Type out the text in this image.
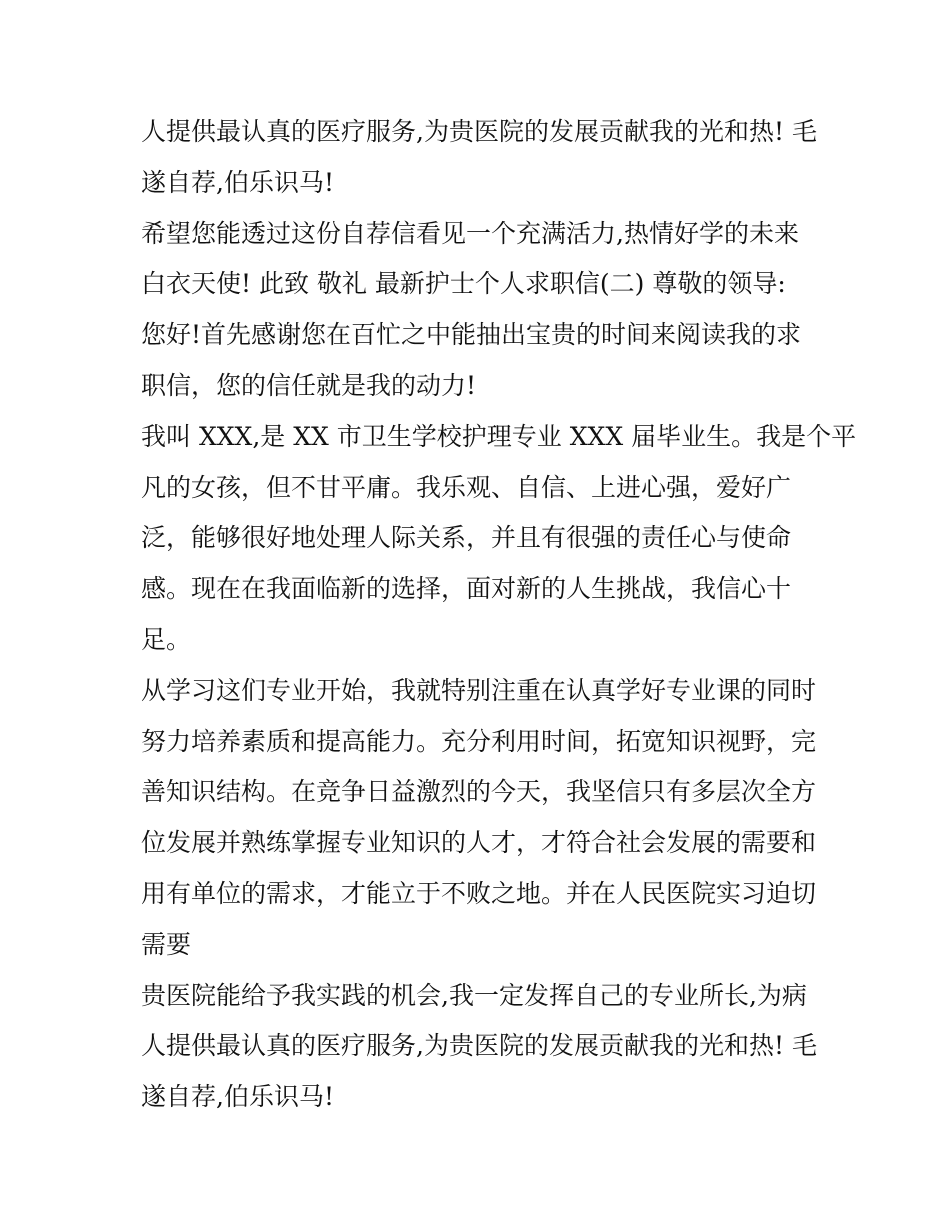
人提供最认真的医疗服务,为贵医院的发展贡献我的光和热! 毛
遂自荐,伯乐识马!
希望您能透过这份自荐信看见一个充满活力,热情好学的未来
白衣天使! 此致 敬礼 最新护士个人求职信(二) 尊敬的领导:
您好!首先感谢您在百忙之中能抽出宝贵的时间来阅读我的求
职信，您的信任就是我的动力!
我叫 XXX,是 XX 市卫生学校护理专业 XXX 届毕业生。我是个平
凡的女孩，但不甘平庸。我乐观、自信、上进心强，爱好广
泛，能够很好地处理人际关系，并且有很强的责任心与使命
感。现在在我面临新的选择，面对新的人生挑战，我信心十
足。
从学习这们专业开始，我就特别注重在认真学好专业课的同时
努力培养素质和提高能力。充分利用时间，拓宽知识视野，完
善知识结构。在竞争日益激烈的今天，我坚信只有多层次全方
位发展并熟练掌握专业知识的人才，才符合社会发展的需要和
用有单位的需求，才能立于不败之地。并在人民医院实习迫切
需要
贵医院能给予我实践的机会,我一定发挥自己的专业所长,为病
人提供最认真的医疗服务,为贵医院的发展贡献我的光和热! 毛
遂自荐,伯乐识马!
